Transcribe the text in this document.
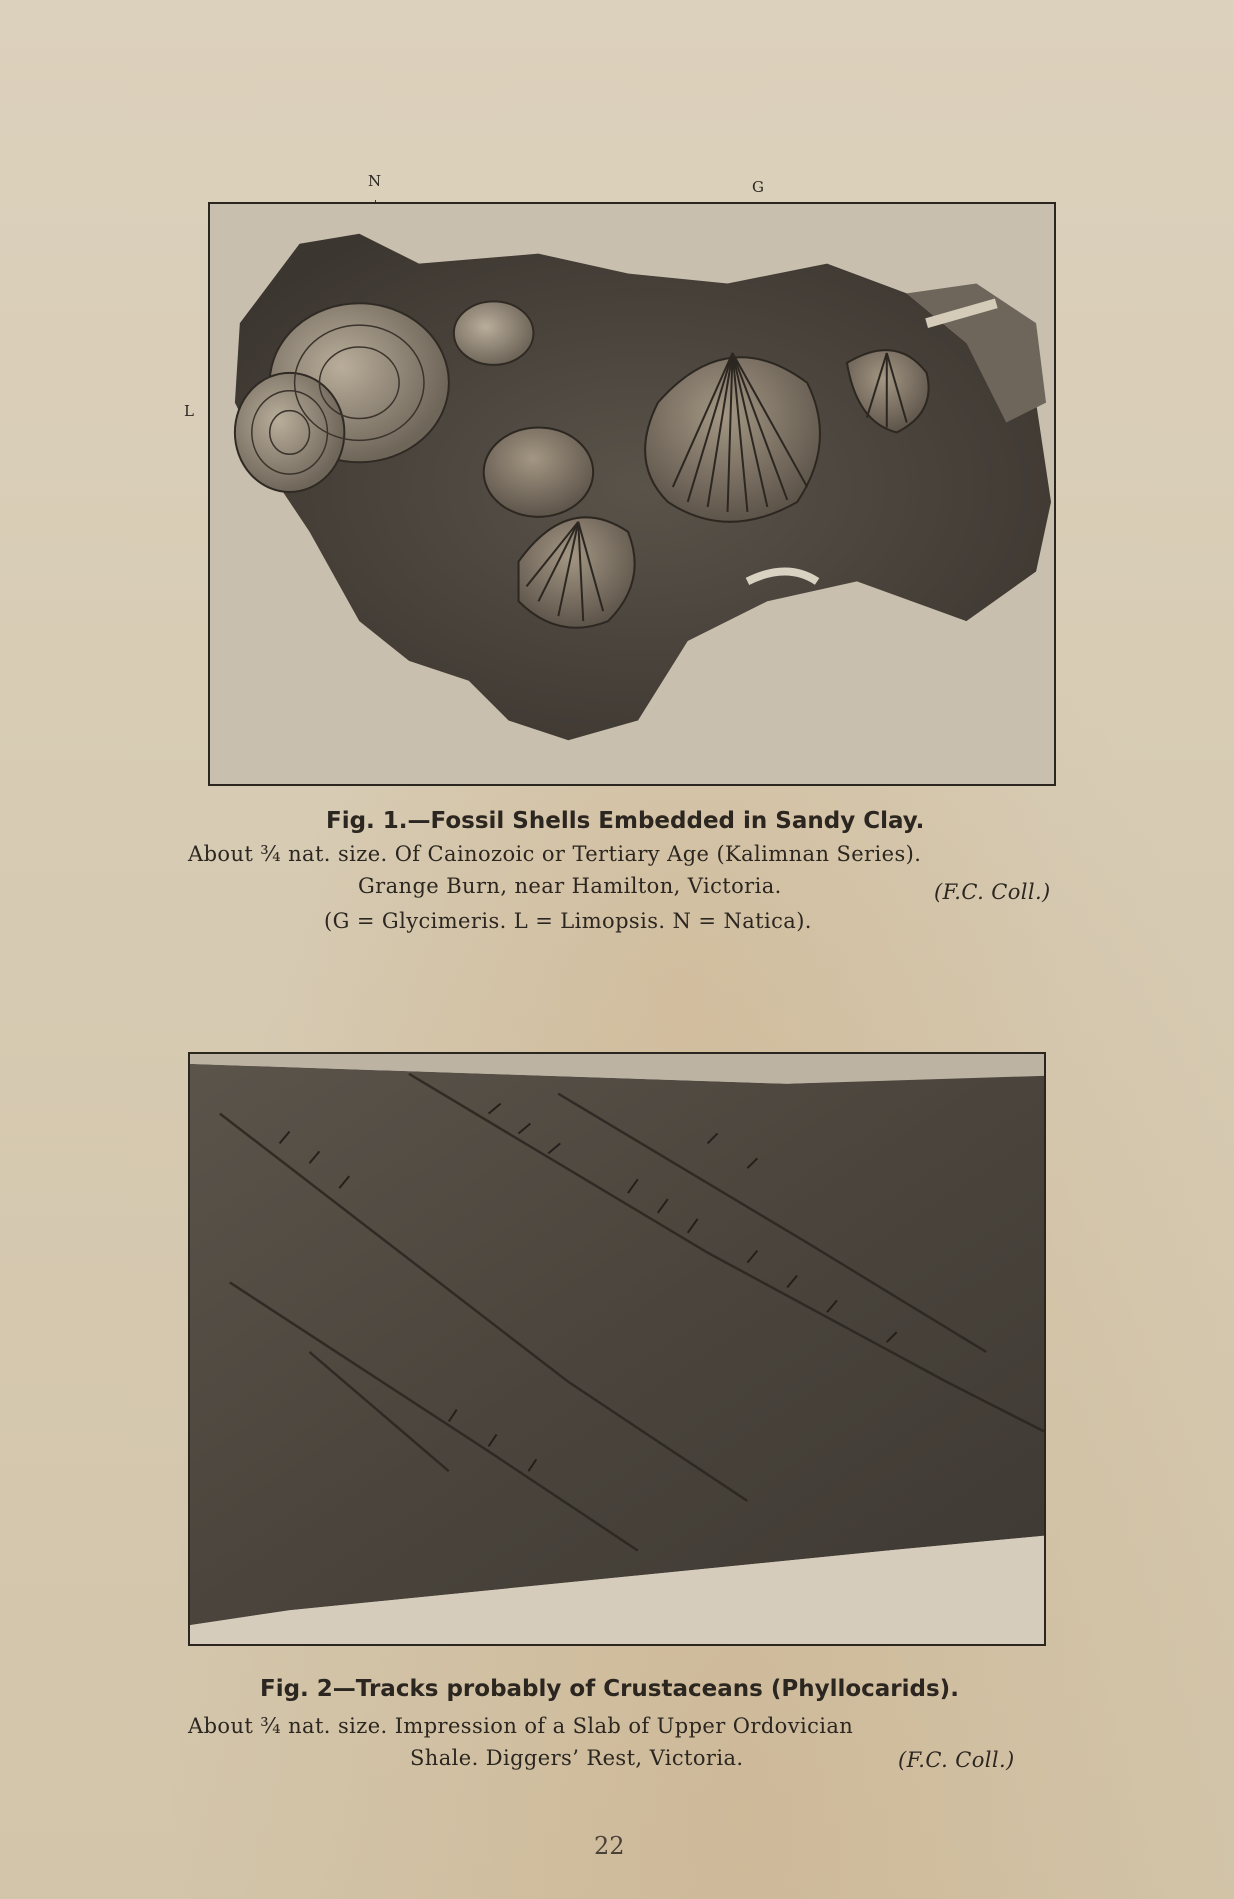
N	G
L
Fig. 1.—Fossil Shells Embedded in Sandy Clay.
About ¾ nat. size. Of Cainozoic or Tertiary Age (Kalimnan Series).
Grange Burn, near Hamilton, Victoria.	(F.C. Coll.)
(G = Glycimeris. L = Limopsis. N = Natica).
Fig. 2—Tracks probably of Crustaceans (Phyllocarids).
About ¾ nat. size. Impression of a Slab of Upper Ordovician
Shale. Diggers’ Rest, Victoria.	(F.C. Coll.)
22
